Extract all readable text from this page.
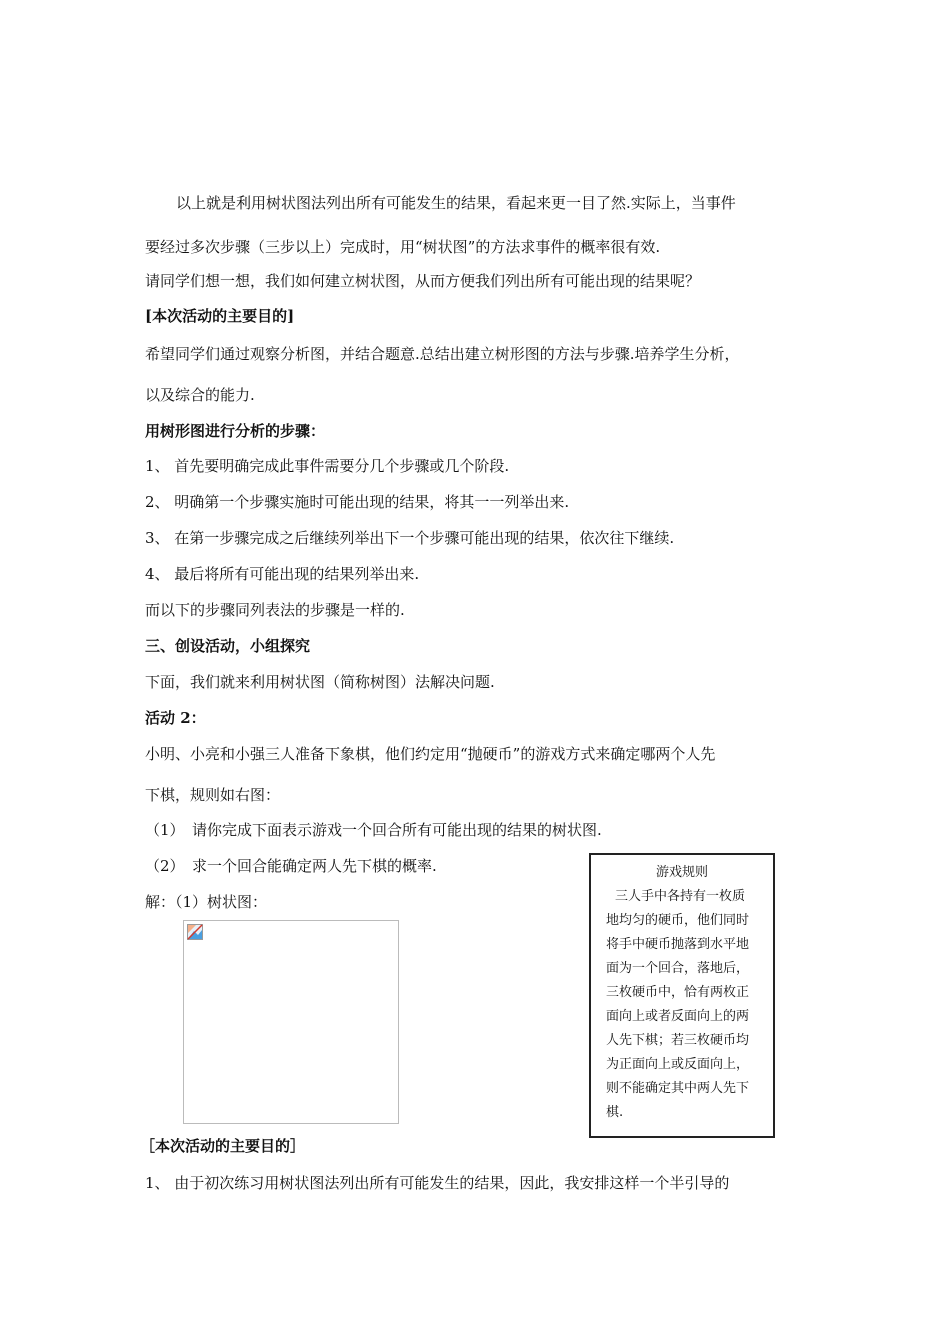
以上就是利用树状图法列出所有可能发生的结果，看起来更一目了然.实际上，当事件
要经过多次步骤（三步以上）完成时，用“树状图”的方法求事件的概率很有效.
请同学们想一想，我们如何建立树状图，从而方便我们列出所有可能出现的结果呢？
[本次活动的主要目的]
希望同学们通过观察分析图，并结合题意.总结出建立树形图的方法与步骤.培养学生分析，
以及综合的能力.
用树形图进行分析的步骤：
1、 首先要明确完成此事件需要分几个步骤或几个阶段.
2、 明确第一个步骤实施时可能出现的结果，将其一一列举出来.
3、 在第一步骤完成之后继续列举出下一个步骤可能出现的结果，依次往下继续.
4、 最后将所有可能出现的结果列举出来.
而以下的步骤同列表法的步骤是一样的.
三、创设活动，小组探究
下面，我们就来利用树状图（简称树图）法解决问题.
活动 2：
小明、小亮和小强三人准备下象棋，他们约定用“抛硬币”的游戏方式来确定哪两个人先
下棋，规则如右图：
（1）　请你完成下面表示游戏一个回合所有可能出现的结果的树状图.
（2）　求一个回合能确定两人先下棋的概率.
解：（1）树状图：
游戏规则
三人手中各持有一枚质
地均匀的硬币，他们同时
将手中硬币抛落到水平地
面为一个回合，落地后，
三枚硬币中，恰有两枚正
面向上或者反面向上的两
人先下棋；若三枚硬币均
为正面向上或反面向上，
则不能确定其中两人先下
棋.
［本次活动的主要目的］
1、 由于初次练习用树状图法列出所有可能发生的结果，因此，我安排这样一个半引导的
